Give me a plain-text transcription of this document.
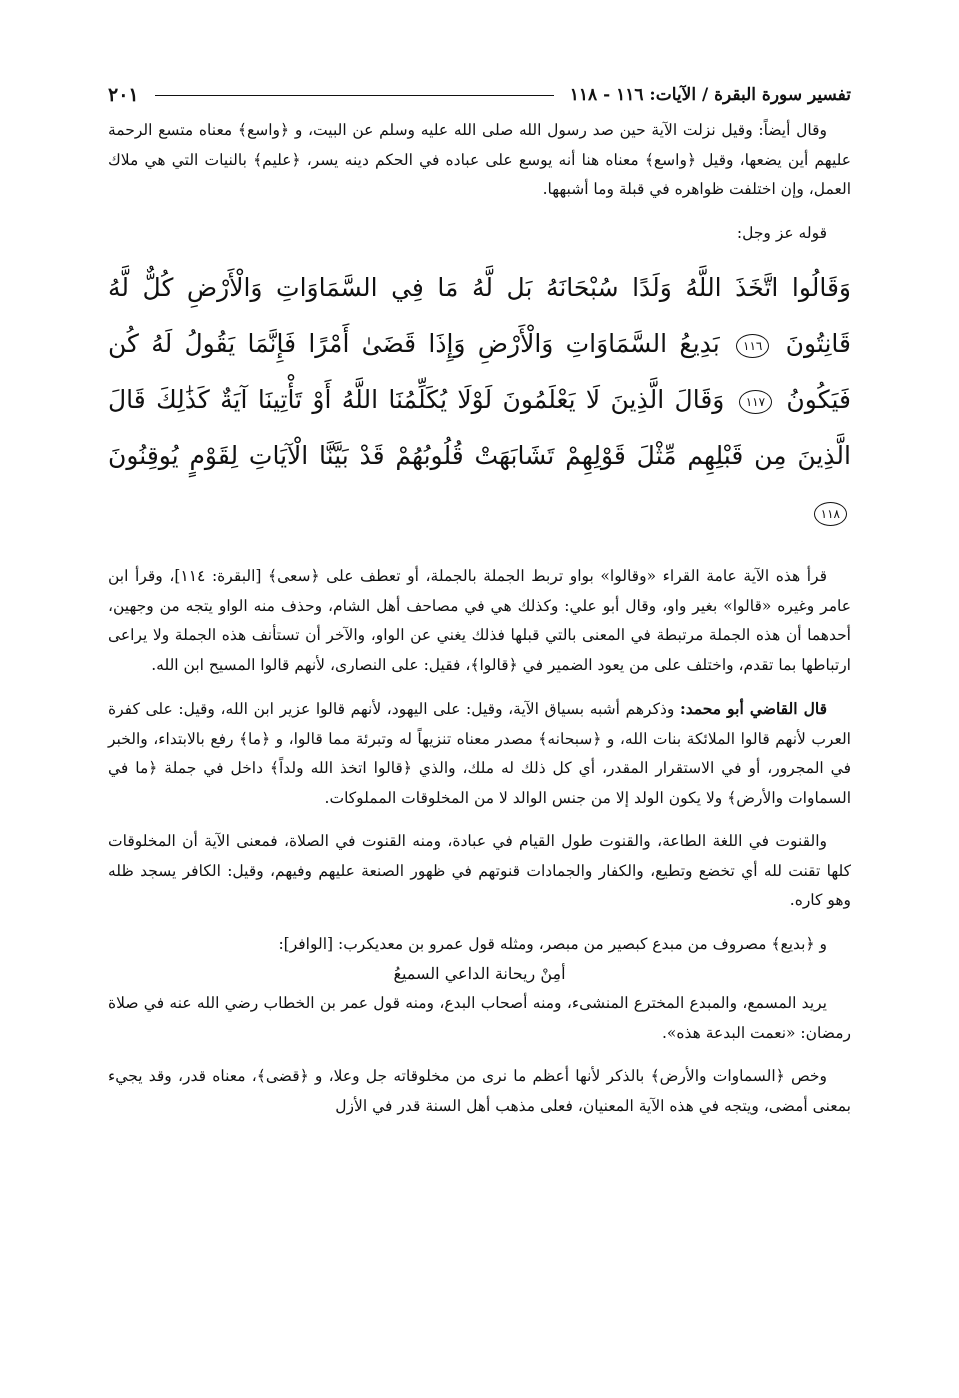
تفسير سورة البقرة / الآيات: ١١٦ - ١١٨
٢٠١

وقال أيضاً: وقيل نزلت الآية حين صد رسول الله صلى الله عليه وسلم عن البيت، و ﴿واسع﴾ معناه متسع الرحمة عليهم أين يضعها، وقيل ﴿واسع﴾ معناه هنا أنه يوسع على عباده في الحكم دينه يسر، ﴿عليم﴾ بالنيات التي هي ملاك العمل، وإن اختلفت ظواهره في قبلة وما أشبهها.

قوله عز وجل:

وَقَالُوا اتَّخَذَ اللَّهُ وَلَدًا سُبْحَانَهُ بَل لَّهُ مَا فِي السَّمَاوَاتِ وَالْأَرْضِ كُلٌّ لَّهُ قَانِتُونَ ١١٦ بَدِيعُ السَّمَاوَاتِ وَالْأَرْضِ وَإِذَا قَضَىٰ أَمْرًا فَإِنَّمَا يَقُولُ لَهُ كُن فَيَكُونُ ١١٧ وَقَالَ الَّذِينَ لَا يَعْلَمُونَ لَوْلَا يُكَلِّمُنَا اللَّهُ أَوْ تَأْتِينَا آيَةٌ كَذَٰلِكَ قَالَ الَّذِينَ مِن قَبْلِهِم مِّثْلَ قَوْلِهِمْ تَشَابَهَتْ قُلُوبُهُمْ قَدْ بَيَّنَّا الْآيَاتِ لِقَوْمٍ يُوقِنُونَ ١١٨

قرأ هذه الآية عامة القراء «وقالوا» بواو تربط الجملة بالجملة، أو تعطف على ﴿سعى﴾ [البقرة: ١١٤]، وقرأ ابن عامر وغيره «قالوا» بغير واو، وقال أبو علي: وكذلك هي في مصاحف أهل الشام، وحذف منه الواو يتجه من وجهين، أحدهما أن هذه الجملة مرتبطة في المعنى بالتي قبلها فذلك يغني عن الواو، والآخر أن تستأنف هذه الجملة ولا يراعى ارتباطها بما تقدم، واختلف على من يعود الضمير في ﴿قالوا﴾، فقيل: على النصارى، لأنهم قالوا المسيح ابن الله.

قال القاضي أبو محمد: وذكرهم أشبه بسياق الآية، وقيل: على اليهود، لأنهم قالوا عزير ابن الله، وقيل: على كفرة العرب لأنهم قالوا الملائكة بنات الله، و ﴿سبحانه﴾ مصدر معناه تنزيهاً له وتبرئة مما قالوا، و ﴿ما﴾ رفع بالابتداء، والخبر في المجرور، أو في الاستقرار المقدر، أي كل ذلك له ملك، والذي ﴿قالوا اتخذ الله ولداً﴾ داخل في جملة ﴿ما في السماوات والأرض﴾ ولا يكون الولد إلا من جنس الوالد لا من المخلوقات المملوكات.

والقنوت في اللغة الطاعة، والقنوت طول القيام في عبادة، ومنه القنوت في الصلاة، فمعنى الآية أن المخلوقات كلها تقنت لله أي تخضع وتطيع، والكفار والجمادات قنوتهم في ظهور الصنعة عليهم وفيهم، وقيل: الكافر يسجد ظله وهو كاره.

و ﴿بديع﴾ مصروف من مبدع كبصير من مبصر، ومثله قول عمرو بن معديكرب: [الوافر]:

أمِنْ ريحانة الداعي السميعُ

يريد المسمع، والمبدع المخترع المنشىء، ومنه أصحاب البدع، ومنه قول عمر بن الخطاب رضي الله عنه في صلاة رمضان: «نعمت البدعة هذه».

وخص ﴿السماوات والأرض﴾ بالذكر لأنها أعظم ما نرى من مخلوقاته جل وعلا، و ﴿قضى﴾، معناه قدر، وقد يجيء بمعنى أمضى، ويتجه في هذه الآية المعنيان، فعلى مذهب أهل السنة قدر في الأزل
